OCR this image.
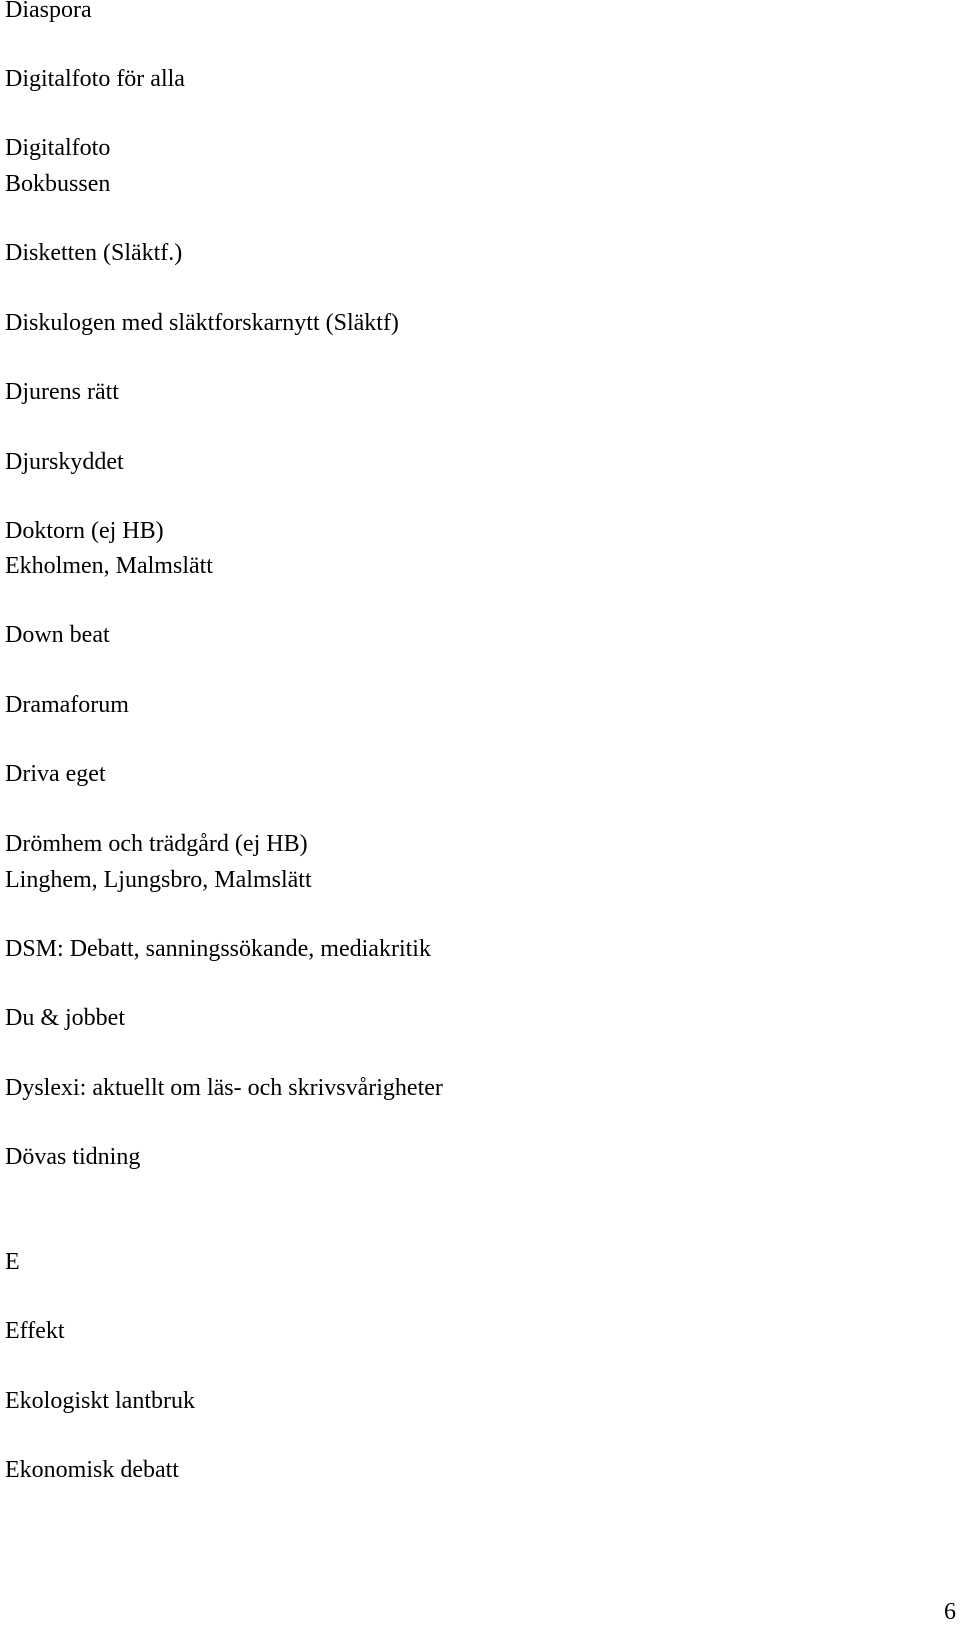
Diaspora
Digitalfoto för alla
Digitalfoto
Bokbussen
Disketten (Släktf.)
Diskulogen med släktforskarnytt (Släktf)
Djurens rätt
Djurskyddet
Doktorn (ej HB)
Ekholmen, Malmslätt
Down beat
Dramaforum
Driva eget
Drömhem och trädgård (ej HB)
Linghem, Ljungsbro, Malmslätt
DSM: Debatt, sanningssökande, mediakritik
Du & jobbet
Dyslexi: aktuellt om läs- och skrivsvårigheter
Dövas tidning
E
Effekt
Ekologiskt lantbruk
Ekonomisk debatt
6
